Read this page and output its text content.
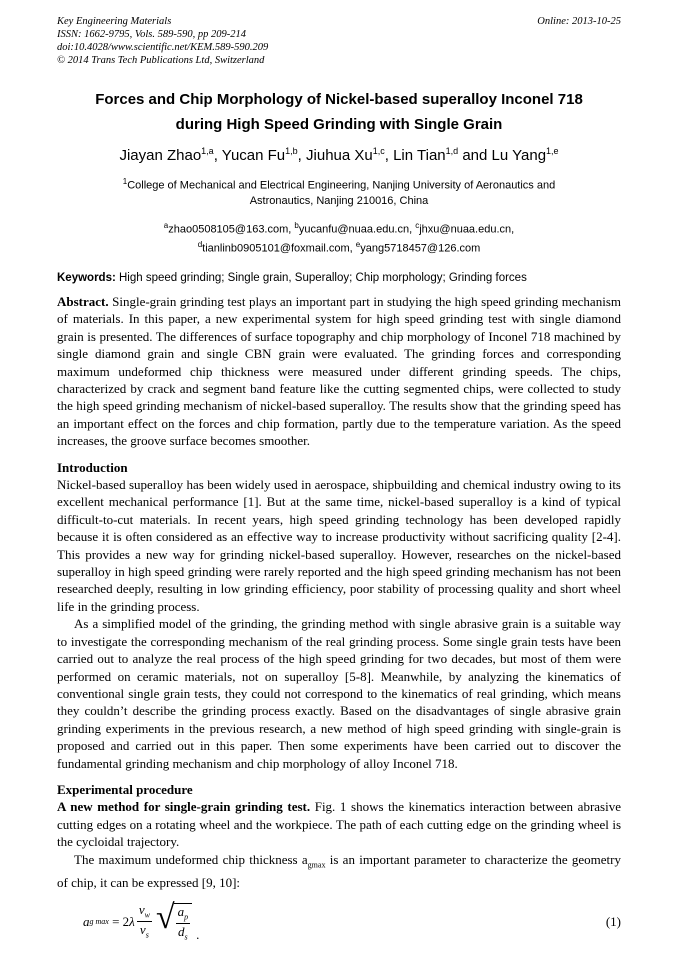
Key Engineering Materials
ISSN: 1662-9795, Vols. 589-590, pp 209-214
doi:10.4028/www.scientific.net/KEM.589-590.209
© 2014 Trans Tech Publications Ltd, Switzerland
Online: 2013-10-25
Forces and Chip Morphology of Nickel-based superalloy Inconel 718
during High Speed Grinding with Single Grain
Jiayan Zhao$^{1,a}$, Yucan Fu$^{1,b}$, Jiuhua Xu$^{1,c}$, Lin Tian$^{1,d}$ and Lu Yang$^{1,e}$
$^1$College of Mechanical and Electrical Engineering, Nanjing University of Aeronautics and
Astronautics, Nanjing 210016, China
$^a$zhao0508105@163.com, $^b$yucanfu@nuaa.edu.cn, $^c$jhxu@nuaa.edu.cn,
$^d$tianlinb0905101@foxmail.com, $^e$yang5718457@126.com
Keywords: High speed grinding; Single grain, Superalloy; Chip morphology; Grinding forces

Abstract. Single-grain grinding test plays an important part in studying the high speed grinding mechanism of materials. In this paper, a new experimental system for high speed grinding test with single diamond grain is presented. The differences of surface topography and chip morphology of Inconel 718 machined by single diamond grain and single CBN grain were evaluated. The grinding forces and corresponding maximum undeformed chip thickness were measured under different grinding speeds. The chips, characterized by crack and segment band feature like the cutting segmented chips, were collected to study the high speed grinding mechanism of nickel-based superalloy. The results show that the grinding speed has an important effect on the forces and chip formation, partly due to the temperature variation. As the speed increases, the groove surface becomes smoother.

Introduction

Nickel-based superalloy has been widely used in aerospace, shipbuilding and chemical industry owing to its excellent mechanical performance [1]. But at the same time, nickel-based superalloy is a kind of typical difficult-to-cut materials. In recent years, high speed grinding technology has been developed rapidly because it is often considered as an effective way to increase productivity without sacrificing quality [2-4]. This provides a new way for grinding nickel-based superalloy. However, researches on the nickel-based superalloy in high speed grinding were rarely reported and the high speed grinding mechanism has not been researched deeply, resulting in low grinding efficiency, poor stability of processing quality and short wheel life in the grinding process.

As a simplified model of the grinding, the grinding method with single abrasive grain is a suitable way to investigate the corresponding mechanism of the real grinding process. Some single grain tests have been carried out to analyze the real process of the high speed grinding for two decades, but most of them were performed on ceramic materials, not on superalloy [5-8]. Meanwhile, by analyzing the kinematics of conventional single grain tests, they could not correspond to the kinematics of real grinding, which means they couldn’t describe the grinding process exactly. Based on the disadvantages of single abrasive grain grinding experiments in the previous research, a new method of high speed grinding with single-grain is proposed and carried out in this paper. Then some experiments have been carried out to discover the fundamental grinding mechanism and chip morphology of alloy Inconel 718.

Experimental procedure

A new method for single-grain grinding test. Fig. 1 shows the kinematics interaction between abrasive cutting edges on a rotating wheel and the workpiece. The path of each cutting edge on the grinding wheel is the cycloidal trajectory.

The maximum undeformed chip thickness $a_{gmax}$ is an important parameter to characterize the geometry of chip, it can be expressed [9, 10]:

a g max
= 2 λ $\frac{v_w}{v_s}$ √ $\frac{a_p}{d_s}$ .
(1)
